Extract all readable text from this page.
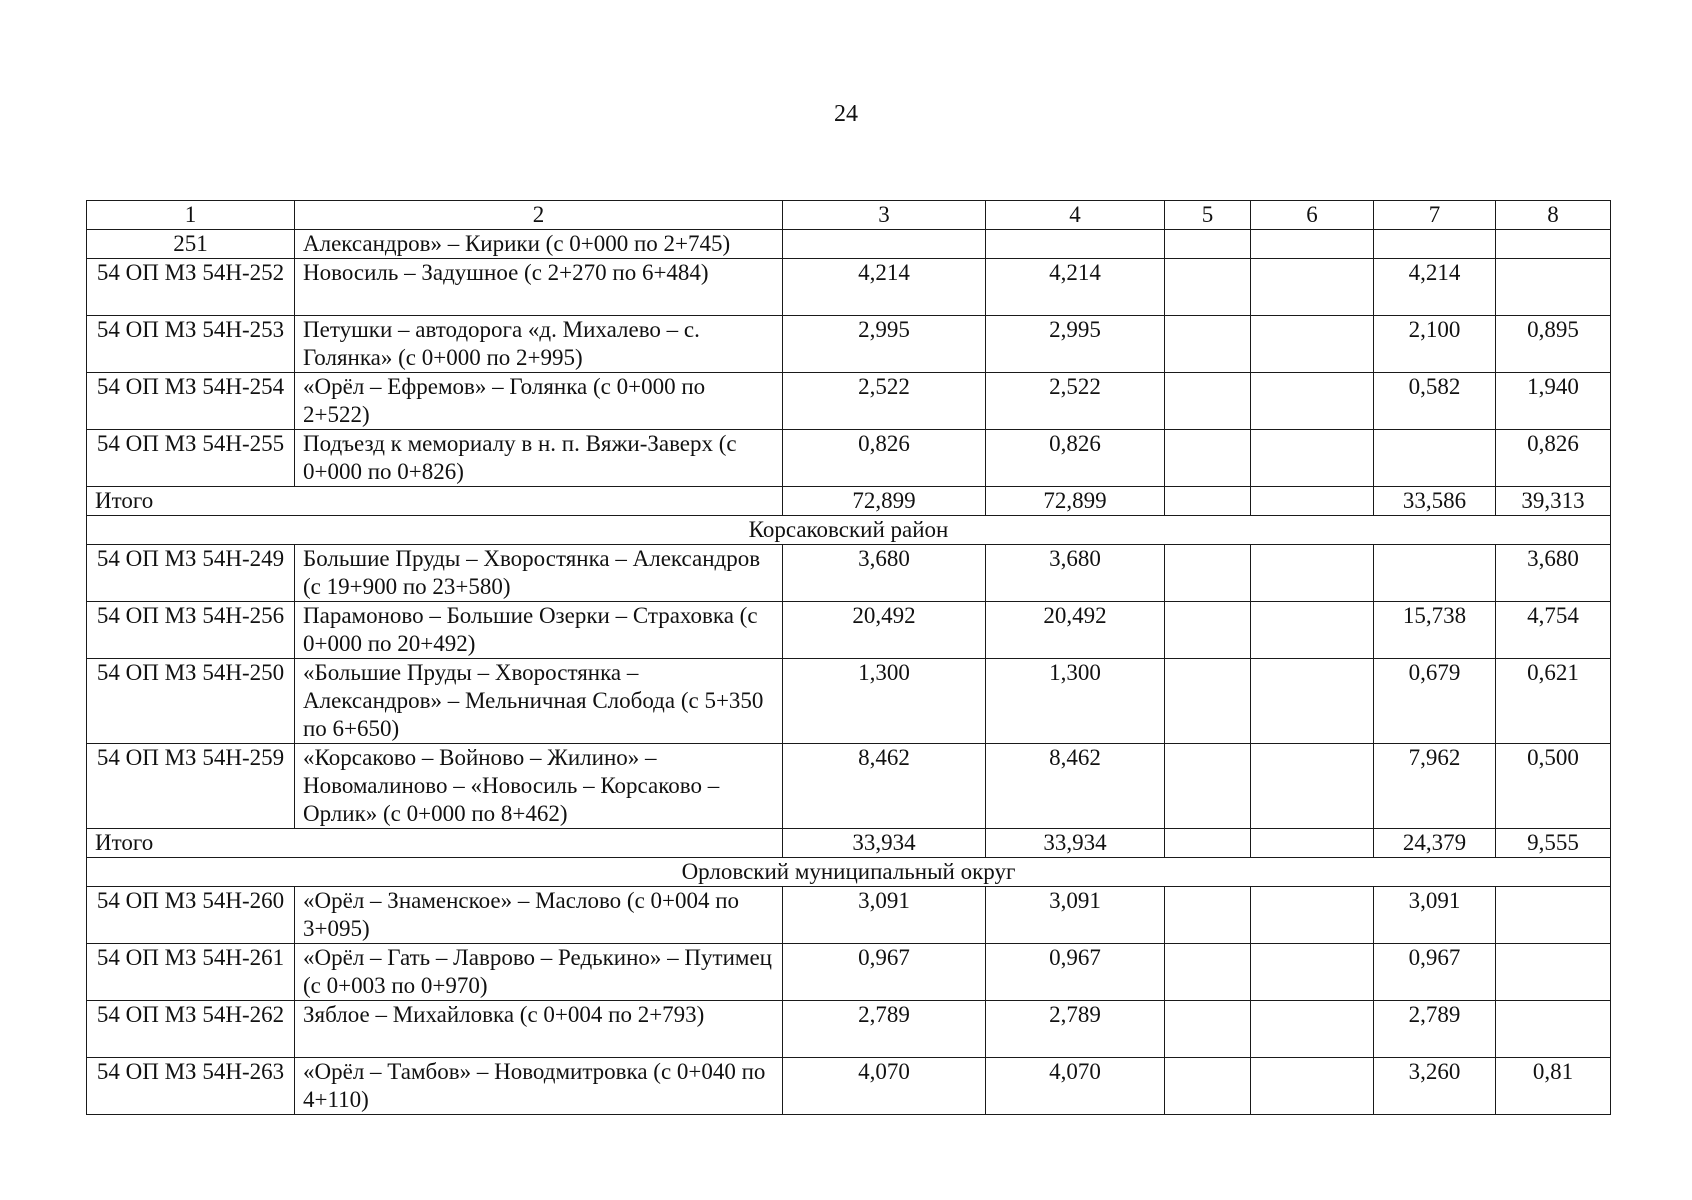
24
1	2	3	4	5	6	7	8
251	Александров» – Кирики (с 0+000 по 2+745)						
54 ОП МЗ 54Н-252	Новосиль – Задушное (с 2+270 по 6+484)	4,214	4,214			4,214	
54 ОП МЗ 54Н-253	Петушки – автодорога «д. Михалево – с. Голянка» (с 0+000 по 2+995)	2,995	2,995			2,100	0,895
54 ОП МЗ 54Н-254	«Орёл – Ефремов» – Голянка (с 0+000 по 2+522)	2,522	2,522			0,582	1,940
54 ОП МЗ 54Н-255	Подъезд к мемориалу в н. п. Вяжи-Заверх (с 0+000 по 0+826)	0,826	0,826				0,826
Итого		72,899	72,899			33,586	39,313
Корсаковский район							
54 ОП МЗ 54Н-249	Большие Пруды – Хворостянка – Александров (с 19+900 по 23+580)	3,680	3,680				3,680
54 ОП МЗ 54Н-256	Парамоново – Большие Озерки – Страховка (с 0+000 по 20+492)	20,492	20,492			15,738	4,754
54 ОП МЗ 54Н-250	«Большие Пруды – Хворостянка – Александров» – Мельничная Слобода (с 5+350 по 6+650)	1,300	1,300			0,679	0,621
54 ОП МЗ 54Н-259	«Корсаково – Войново – Жилино» – Новомалиново – «Новосиль – Корсаково – Орлик» (с 0+000 по 8+462)	8,462	8,462			7,962	0,500
Итого		33,934	33,934			24,379	9,555
Орловский муниципальный округ							
54 ОП МЗ 54Н-260	«Орёл – Знаменское» – Маслово (с 0+004 по 3+095)	3,091	3,091			3,091	
54 ОП МЗ 54Н-261	«Орёл – Гать – Лаврово – Редькино» – Путимец (с 0+003 по 0+970)	0,967	0,967			0,967	
54 ОП МЗ 54Н-262	Зяблое – Михайловка (с 0+004 по 2+793)	2,789	2,789			2,789	
54 ОП МЗ 54Н-263	«Орёл – Тамбов» – Новодмитровка (с 0+040 по 4+110)	4,070	4,070			3,260	0,81
